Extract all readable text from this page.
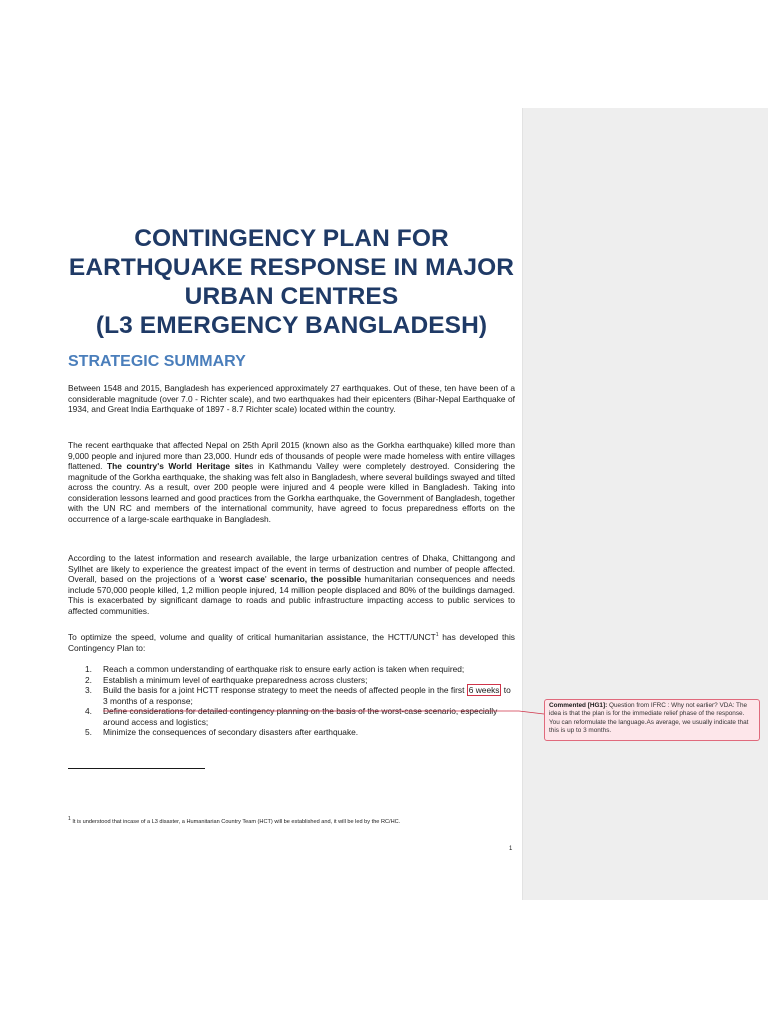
CONTINGENCY PLAN FOR
EARTHQUAKE RESPONSE IN MAJOR
URBAN CENTRES
(L3 EMERGENCY BANGLADESH)
STRATEGIC SUMMARY

Between 1548 and 2015, Bangladesh has experienced approximately 27 earthquakes. Out of these, ten have been of a considerable magnitude (over 7.0 - Richter scale), and two earthquakes had their epicenters (Bihar-Nepal Earthquake of 1934, and Great India Earthquake of 1897 - 8.7 Richter scale) located within the country.

The recent earthquake that affected Nepal on 25th April 2015 (known also as the Gorkha earthquake) killed more than 9,000 people and injured more than 23,000. Hundr eds of thousands of people were made homeless with entire villages flattened. The country's World Heritage sites in Kathmandu Valley were completely destroyed. Considering the magnitude of the Gorkha earthquake, the shaking was felt also in Bangladesh, where several buildings swayed and tilted across the country. As a result, over 200 people were injured and 4 people were killed in Bangladesh. Taking into consideration lessons learned and good practices from the Gorkha earthquake, the Government of Bangladesh, together with the UN RC and members of the international community, have agreed to focus preparedness efforts on the occurrence of a large-scale earthquake in Bangladesh.

According to the latest information and research available, the large urbanization centres of Dhaka, Chittangong and Syllhet are likely to experience the greatest impact of the event in terms of destruction and number of people affected. Overall, based on the projections of a 'worst case' scenario, the possible humanitarian consequences and needs include 570,000 people killed, 1,2 million people injured, 14 million people displaced and 80% of the buildings damaged. This is exacerbated by significant damage to roads and public infrastructure impacting access to public services to affected communities.

To optimize the speed, volume and quality of critical humanitarian assistance, the HCTT/UNCT$^1$ has developed this Contingency Plan to:

1. Reach a common understanding of earthquake risk to ensure early action is taken when required;
2. Establish a minimum level of earthquake preparedness across clusters;
3. Build the basis for a joint HCTT response strategy to meet the needs of affected people in the first 6 weeks to 3 months of a response;
4. Define considerations for detailed contingency planning on the basis of the worst-case scenario, especially around access and logistics;
5. Minimize the consequences of secondary disasters after earthquake.
$^1$ It is understood that incase of a L3 disaster, a Humanitarian Country Team (HCT) will be established and, it will be led by the RC/HC.
1
Commented [HG1]: Question from IFRC : Why not earlier? VDA: The idea is that the plan is for the immediate relief phase of the response. You can reformulate the language.As average, we usually indicate that this is up to 3 months.
